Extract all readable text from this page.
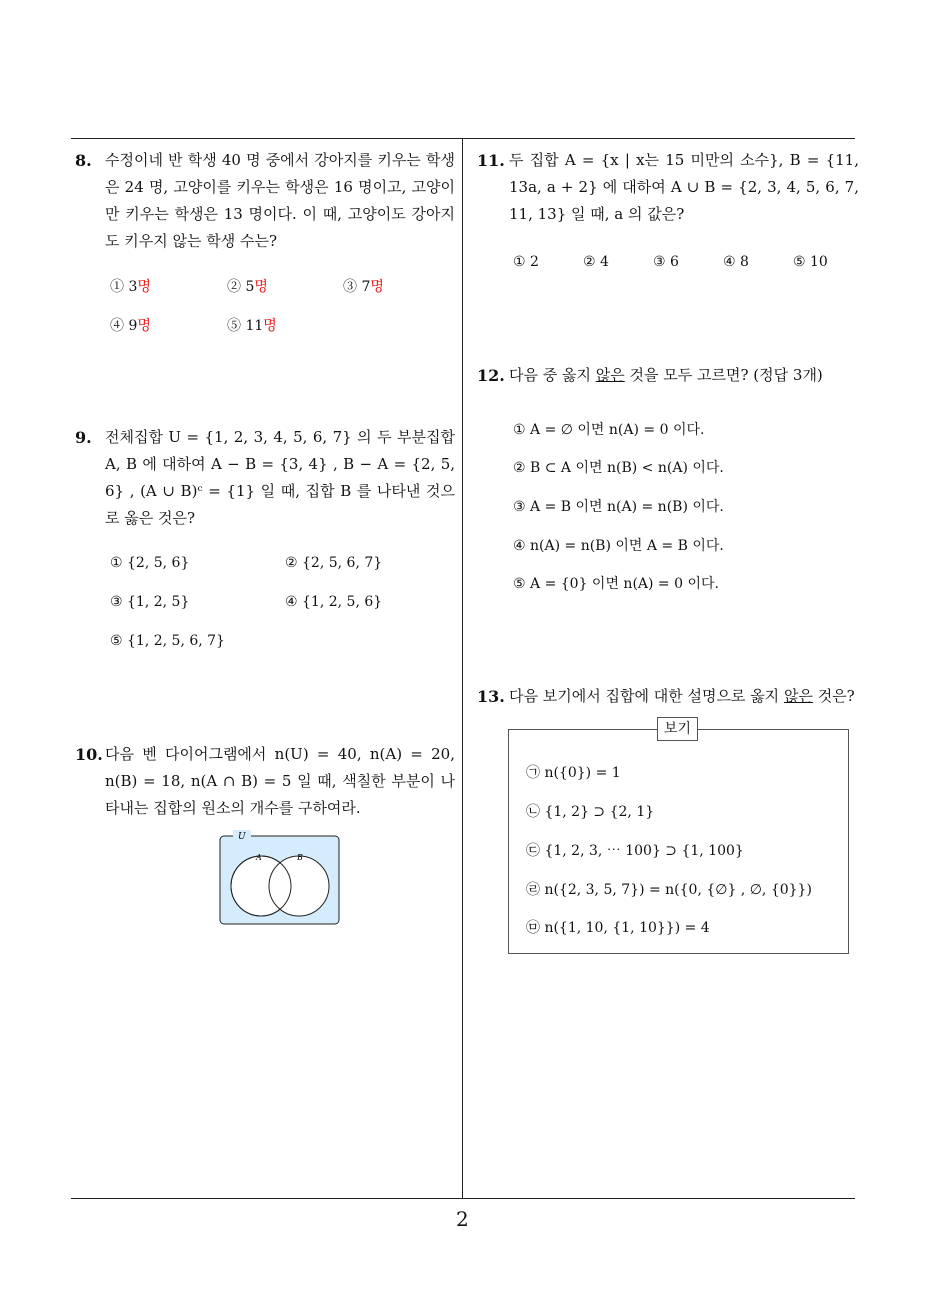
8. 수정이네 반 학생 40 명 중에서 강아지를 키우는 학생은 24 명, 고양이를 키우는 학생은 16 명이고, 고양이만 키우는 학생은 13 명이다. 이 때, 고양이도 강아지도 키우지 않는 학생 수는?
① 3명	② 5명	③ 7명
④ 9명	⑤ 11명
9. 전체집합 U = {1, 2, 3, 4, 5, 6, 7} 의 두 부분집합 A, B 에 대하여 A − B = {3, 4} , B − A = {2, 5, 6} , (A ∪ B)ᶜ = {1} 일 때, 집합 B 를 나타낸 것으로 옳은 것은?
① {2, 5, 6}	② {2, 5, 6, 7}
③ {1, 2, 5}	④ {1, 2, 5, 6}
⑤ {1, 2, 5, 6, 7}
10. 다음 벤 다이어그램에서 n(U) = 40, n(A) = 20, n(B) = 18, n(A ∩ B) = 5 일 때, 색칠한 부분이 나타내는 집합의 원소의 개수를 구하여라.
U
A	B
11. 두 집합 A = {x | x는 15 미만의 소수}, B = {11, 13a, a + 2} 에 대하여 A ∪ B = {2, 3, 4, 5, 6, 7, 11, 13} 일 때, a 의 값은?
① 2	② 4	③ 6	④ 8	⑤ 10
12. 다음 중 옳지 않은 것을 모두 고르면? (정답 3개)
① A = ∅ 이면 n(A) = 0 이다.
② B ⊂ A 이면 n(B) < n(A) 이다.
③ A = B 이면 n(A) = n(B) 이다.
④ n(A) = n(B) 이면 A = B 이다.
⑤ A = {0} 이면 n(A) = 0 이다.
13. 다음 보기에서 집합에 대한 설명으로 옳지 않은 것은?
보기
㉠ n({0}) = 1
㉡ {1, 2} ⊃ {2, 1}
㉢ {1, 2, 3, ⋯ 100} ⊃ {1, 100}
㉣ n({2, 3, 5, 7}) = n({0, {∅} , ∅, {0}})
㉤ n({1, 10, {1, 10}}) = 4
2
